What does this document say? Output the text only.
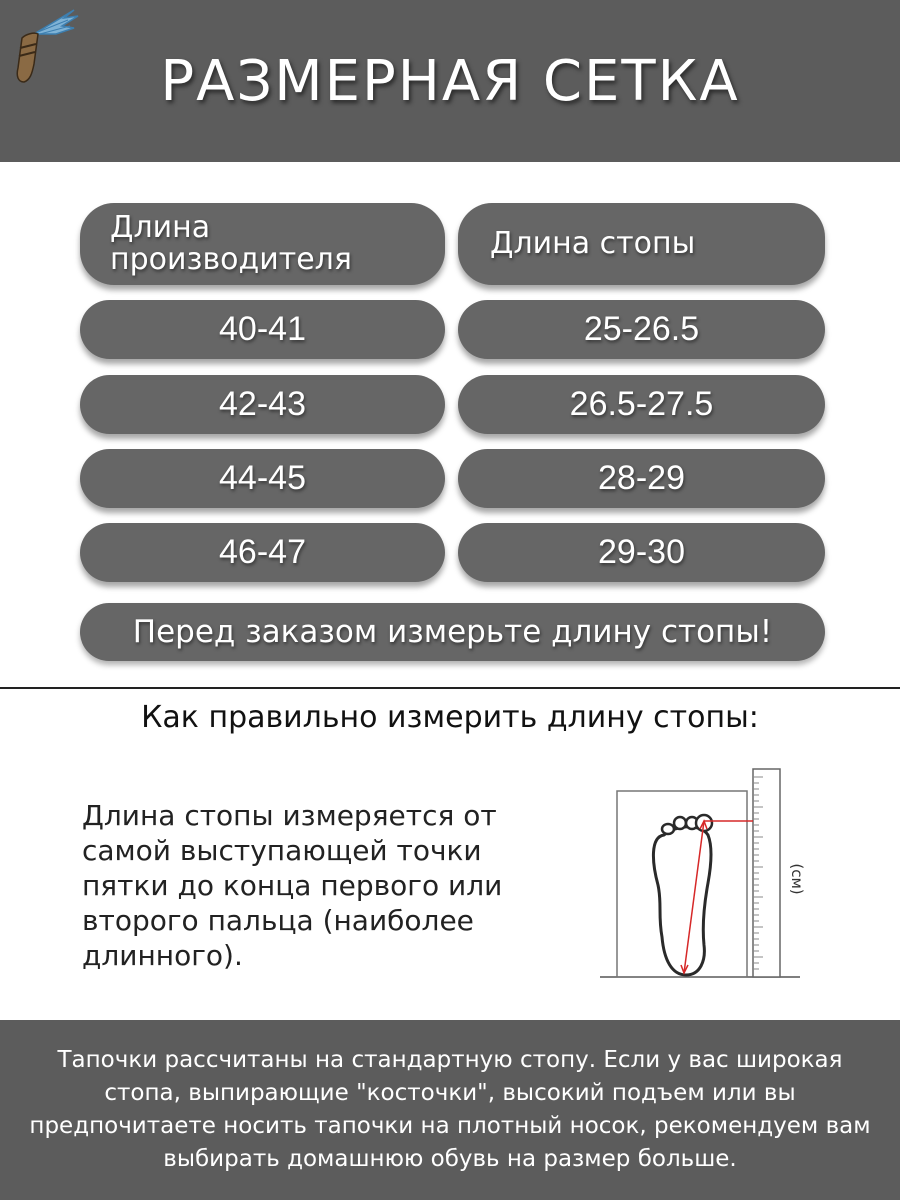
РАЗМЕРНАЯ СЕТКА
Длина производителя	Длина стопы
40-41	25-26.5
42-43	26.5-27.5
44-45	28-29
46-47	29-30
Перед заказом измерьте длину стопы!
Как правильно измерить длину стопы:
Длина стопы измеряется от самой выступающей точки пятки до конца первого или второго пальца (наиболее длинного).
(см)
Тапочки рассчитаны на стандартную стопу. Если у вас широкая стопа, выпирающие "косточки", высокий подъем или вы предпочитаете носить тапочки на плотный носок, рекомендуем вам выбирать домашнюю обувь на размер больше.
